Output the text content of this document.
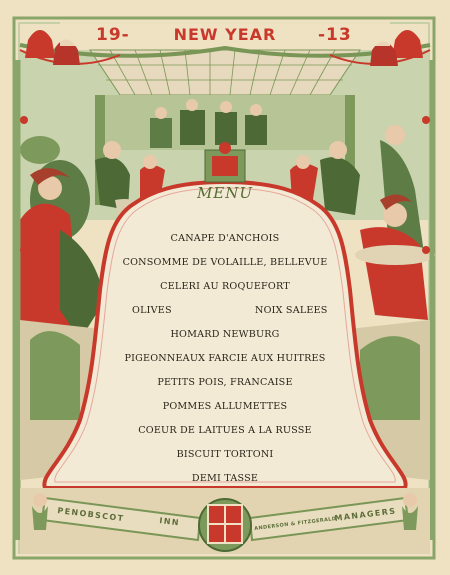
19-	NEW YEAR	-13
MENU
CANAPE D'ANCHOIS
CONSOMME DE VOLAILLE, BELLEVUE
CELERI AU ROQUEFORT
OLIVES	NOIX SALEES
HOMARD NEWBURG
PIGEONNEAUX FARCIE AUX HUITRES
PETITS POIS, FRANCAISE
POMMES ALLUMETTES
COEUR DE LAITUES A LA RUSSE
BISCUIT TORTONI
DEMI TASSE
PENOBSCOT	INN	ANDERSON & FITZGERALD
MANAGERS
